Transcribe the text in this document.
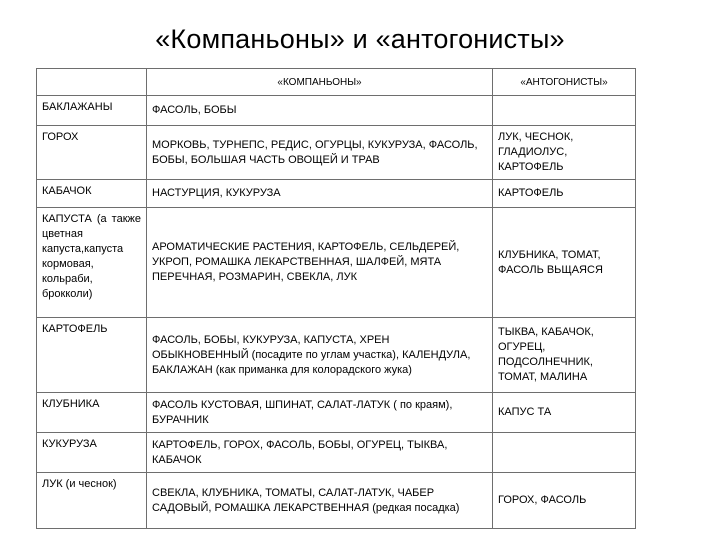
«Компаньоны» и «антогонисты»
	«КОМПАНЬОНЫ»	«АНТОГОНИСТЫ»
БАКЛАЖАНЫ	ФАСОЛЬ, БОБЫ	
ГОРОХ	МОРКОВЬ, ТУРНЕПС, РЕДИС, ОГУРЦЫ, КУКУРУЗА, ФАСОЛЬ, БОБЫ, БОЛЬШАЯ ЧАСТЬ ОВОЩЕЙ И ТРАВ	ЛУК, ЧЕСНОК, ГЛАДИОЛУС, КАРТОФЕЛЬ
КАБАЧОК	НАСТУРЦИЯ, КУКУРУЗА	КАРТОФЕЛЬ
КАПУСТА (а также цветная капуста,капуста кормовая, кольраби, брокколи)	АРОМАТИЧЕСКИЕ РАСТЕНИЯ, КАРТОФЕЛЬ, СЕЛЬДЕРЕЙ, УКРОП, РОМАШКА ЛЕКАРСТВЕННАЯ, ШАЛФЕЙ, МЯТА ПЕРЕЧНАЯ, РОЗМАРИН, СВЕКЛА, ЛУК	КЛУБНИКА, ТОМАТ, ФАСОЛЬ ВЬЩАЯСЯ
КАРТОФЕЛЬ	ФАСОЛЬ, БОБЫ, КУКУРУЗА, КАПУСТА, ХРЕН ОБЫКНОВЕННЫЙ (посадите по углам участка), КАЛЕНДУЛА, БАКЛАЖАН (как приманка для колорадского жука)	ТЫКВА, КАБАЧОК, ОГУРЕЦ, ПОДСОЛНЕЧНИК, ТОМАТ, МАЛИНА
КЛУБНИКА	ФАСОЛЬ КУСТОВАЯ, ШПИНАТ, САЛАТ-ЛАТУК ( по краям), БУРАЧНИК	КАПУС ТА
КУКУРУЗА	КАРТОФЕЛЬ, ГОРОХ, ФАСОЛЬ, БОБЫ, ОГУРЕЦ, ТЫКВА, КАБАЧОК	
ЛУК (и чеснок)	СВЕКЛА, КЛУБНИКА, ТОМАТЫ, САЛАТ-ЛАТУК, ЧАБЕР САДОВЫЙ, РОМАШКА ЛЕКАРСТВЕННАЯ (редкая посадка)	ГОРОХ, ФАСОЛЬ
